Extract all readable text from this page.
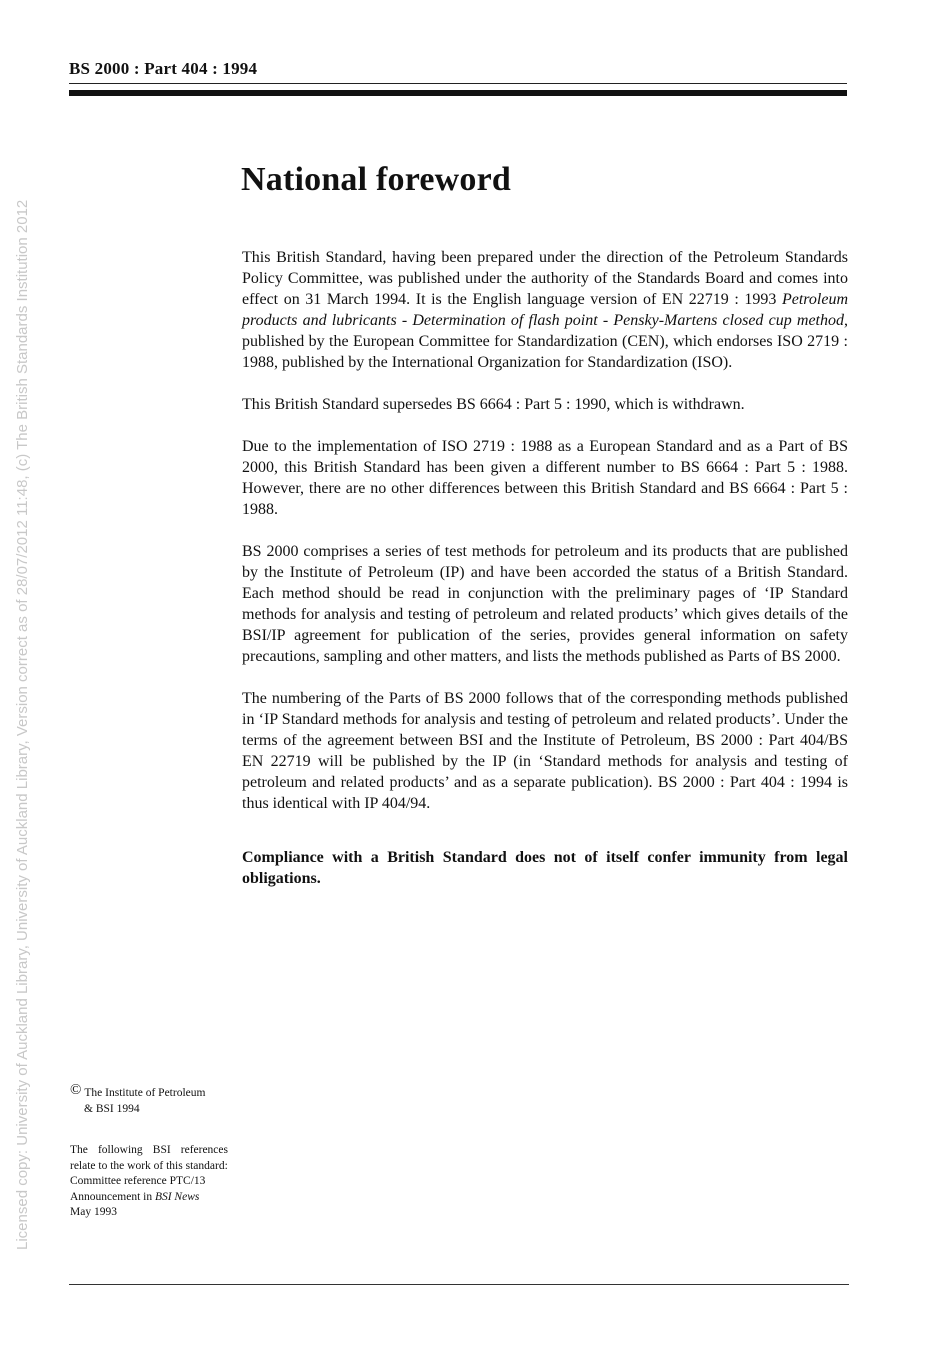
BS 2000 : Part 404 : 1994
Licensed copy: University of Auckland Library, University of Auckland Library, Version correct as of 28/07/2012 11:48, (c) The British Standards Institution 2012
National foreword

This British Standard, having been prepared under the direction of the Petroleum Standards Policy Committee, was published under the authority of the Standards Board and comes into effect on 31 March 1994. It is the English language version of EN 22719 : 1993 Petroleum products and lubricants - Determination of flash point - Pensky-Martens closed cup method, published by the European Committee for Standardization (CEN), which endorses ISO 2719 : 1988, published by the International Organization for Standardization (ISO).

This British Standard supersedes BS 6664 : Part 5 : 1990, which is withdrawn.

Due to the implementation of ISO 2719 : 1988 as a European Standard and as a Part of BS 2000, this British Standard has been given a different number to BS 6664 : Part 5 : 1988. However, there are no other differences between this British Standard and BS 6664 : Part 5 : 1988.

BS 2000 comprises a series of test methods for petroleum and its products that are published by the Institute of Petroleum (IP) and have been accorded the status of a British Standard. Each method should be read in conjunction with the preliminary pages of ‘IP Standard methods for analysis and testing of petroleum and related products’ which gives details of the BSI/IP agreement for publication of the series, provides general information on safety precautions, sampling and other matters, and lists the methods published as Parts of BS 2000.

The numbering of the Parts of BS 2000 follows that of the corresponding methods published in ‘IP Standard methods for analysis and testing of petroleum and related products’. Under the terms of the agreement between BSI and the Institute of Petroleum, BS 2000 : Part 404/BS EN 22719 will be published by the IP (in ‘Standard methods for analysis and testing of petroleum and related products’ and as a separate publication). BS 2000 : Part 404 : 1994 is thus identical with IP 404/94.

Compliance with a British Standard does not of itself confer immunity from legal obligations.

© The Institute of Petroleum
& BSI 1994
The following BSI references relate to the work of this standard:
Committee reference PTC/13
Announcement in BSI News
May 1993
